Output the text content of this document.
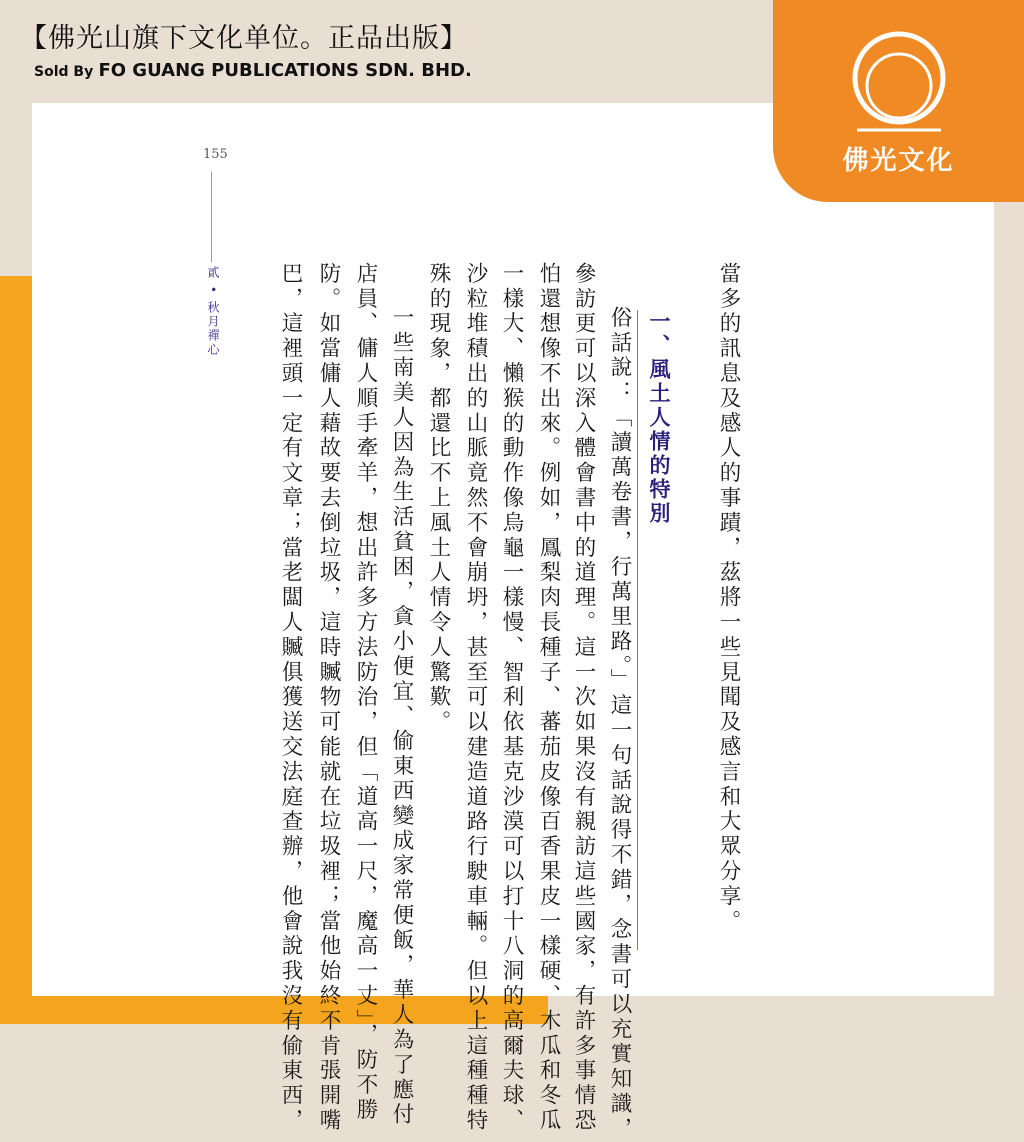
【佛光山旗下文化单位。正品出版】
Sold By FO GUANG PUBLICATIONS SDN. BHD.
佛光文化
155
貳 • 秋月禪心	一、風土人情的特別 當多的訊息及感人的事蹟，茲將一些見聞及感言和大眾分享。
俗話說：「讀萬卷書，行萬里路。」這一句話說得不錯，念書可以充實知識，
參訪更可以深入體會書中的道理。這一次如果沒有親訪這些國家，有許多事情恐
怕還想像不出來。例如，鳳梨肉長種子、蕃茄皮像百香果皮一樣硬、木瓜和冬瓜
一樣大、懶猴的動作像烏龜一樣慢、智利依基克沙漠可以打十八洞的高爾夫球、
沙粒堆積出的山脈竟然不會崩坍，甚至可以建造道路行駛車輛。但以上這種種特
殊的現象，都還比不上風土人情令人驚歎。
一些南美人因為生活貧困，貪小便宜、偷東西變成家常便飯，華人為了應付
店員、傭人順手牽羊，想出許多方法防治，但「道高一尺，魔高一丈」，防不勝
防。如當傭人藉故要去倒垃圾，這時贓物可能就在垃圾裡；當他始終不肯張開嘴
巴，這裡頭一定有文章；當老闆人贓俱獲送交法庭查辦，他會說我沒有偷東西，
